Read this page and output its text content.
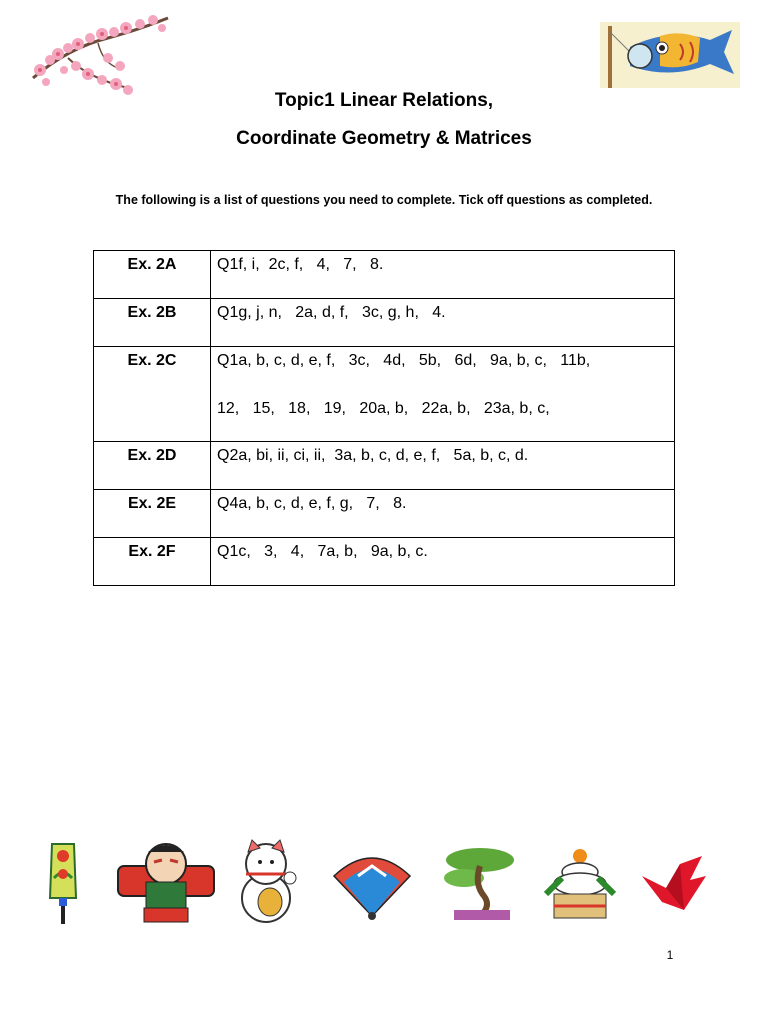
Topic1 Linear Relations,
Coordinate Geometry & Matrices
The following is a list of questions you need to complete. Tick off questions as completed.
Ex. 2A	Q1f, i,  2c, f,   4,   7,   8.

Ex. 2B	Q1g, j, n,   2a, d, f,   3c, g, h,   4.

Ex. 2C	Q1a, b, c, d, e, f,   3c,   4d,   5b,   6d,   9a, b, c,   11b,
12,   15,   18,   19,   20a, b,   22a, b,   23a, b, c,

Ex. 2D	Q2a, bi, ii, ci, ii,  3a, b, c, d, e, f,   5a, b, c, d.

Ex. 2E	Q4a, b, c, d, e, f, g,   7,   8.

Ex. 2F	Q1c,   3,   4,   7a, b,   9a, b, c.
1
